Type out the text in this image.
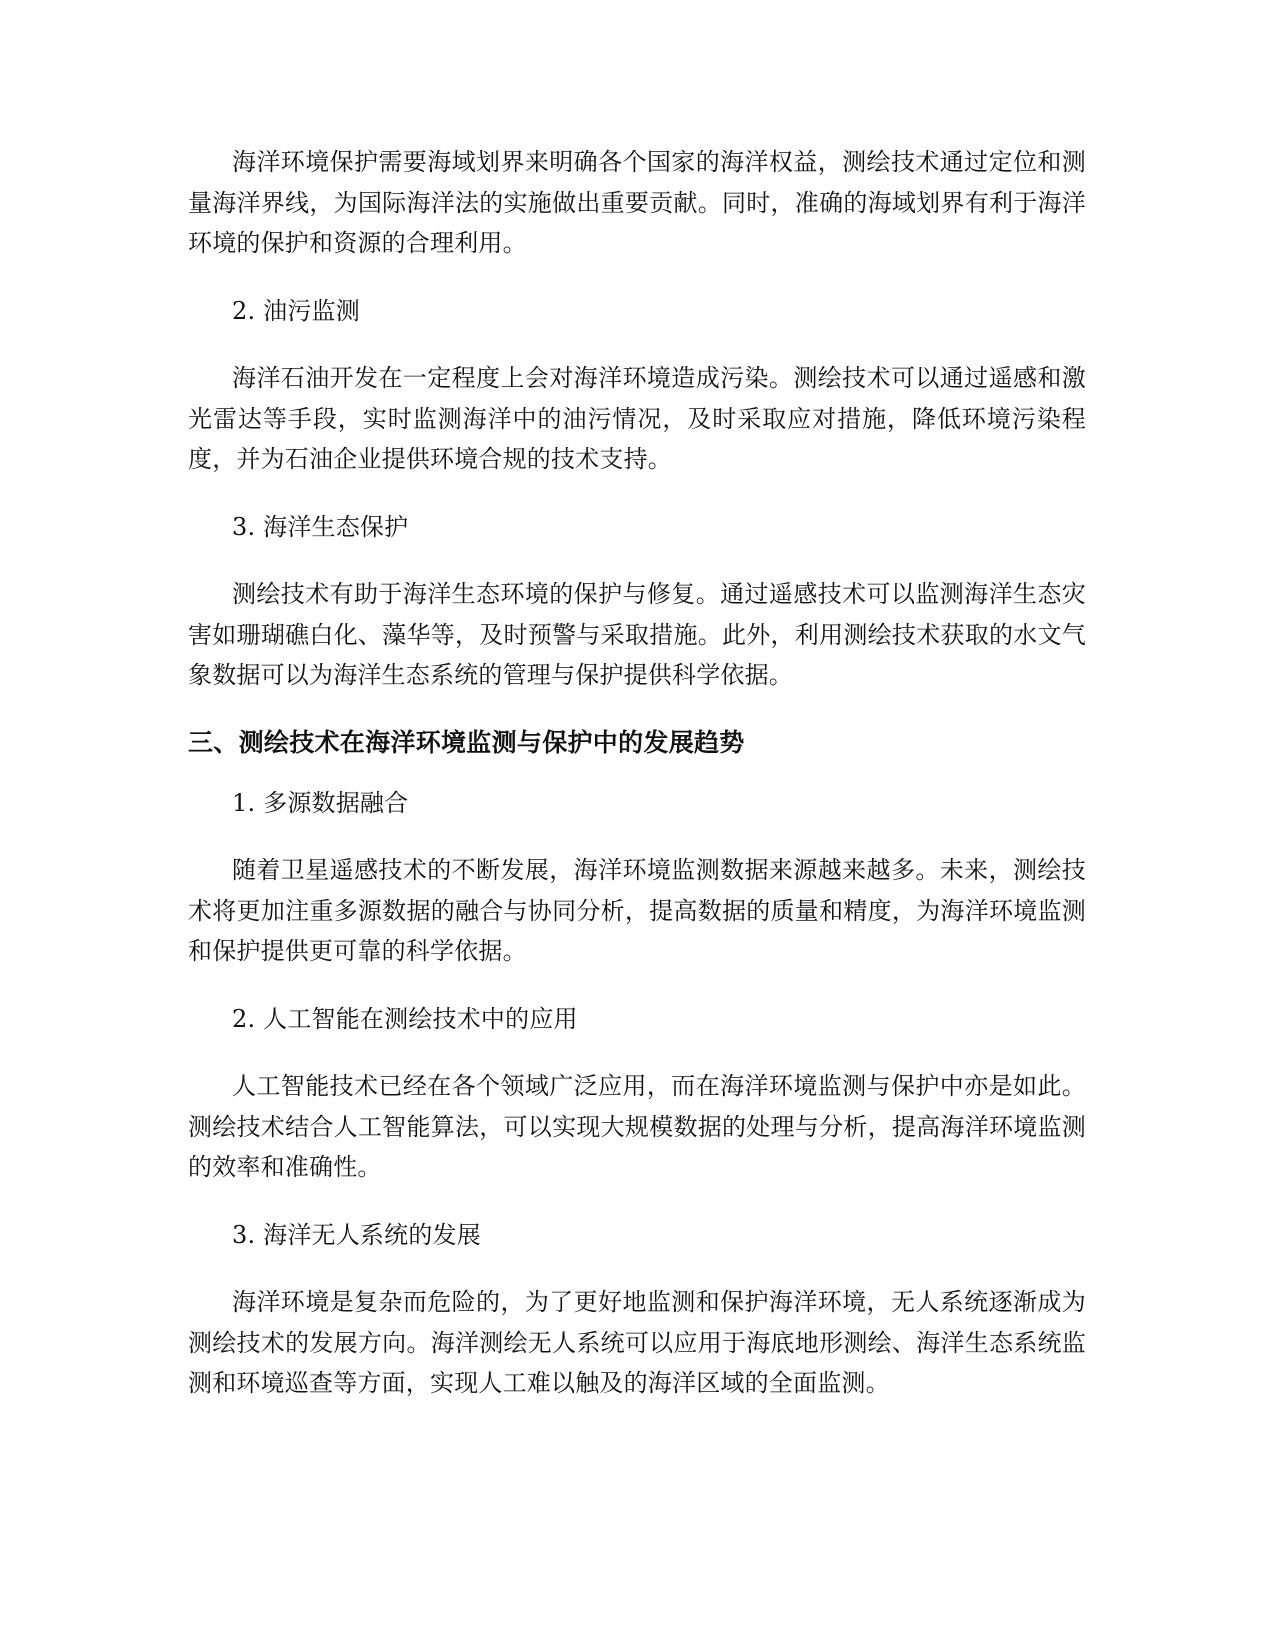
海洋环境保护需要海域划界来明确各个国家的海洋权益，测绘技术通过定位和测量海洋界线，为国际海洋法的实施做出重要贡献。同时，准确的海域划界有利于海洋环境的保护和资源的合理利用。

2. 油污监测

海洋石油开发在一定程度上会对海洋环境造成污染。测绘技术可以通过遥感和激光雷达等手段，实时监测海洋中的油污情况，及时采取应对措施，降低环境污染程度，并为石油企业提供环境合规的技术支持。

3. 海洋生态保护

测绘技术有助于海洋生态环境的保护与修复。通过遥感技术可以监测海洋生态灾害如珊瑚礁白化、藻华等，及时预警与采取措施。此外，利用测绘技术获取的水文气象数据可以为海洋生态系统的管理与保护提供科学依据。

三、测绘技术在海洋环境监测与保护中的发展趋势

1. 多源数据融合

随着卫星遥感技术的不断发展，海洋环境监测数据来源越来越多。未来，测绘技术将更加注重多源数据的融合与协同分析，提高数据的质量和精度，为海洋环境监测和保护提供更可靠的科学依据。

2. 人工智能在测绘技术中的应用

人工智能技术已经在各个领域广泛应用，而在海洋环境监测与保护中亦是如此。测绘技术结合人工智能算法，可以实现大规模数据的处理与分析，提高海洋环境监测的效率和准确性。

3. 海洋无人系统的发展

海洋环境是复杂而危险的，为了更好地监测和保护海洋环境，无人系统逐渐成为测绘技术的发展方向。海洋测绘无人系统可以应用于海底地形测绘、海洋生态系统监测和环境巡查等方面，实现人工难以触及的海洋区域的全面监测。
